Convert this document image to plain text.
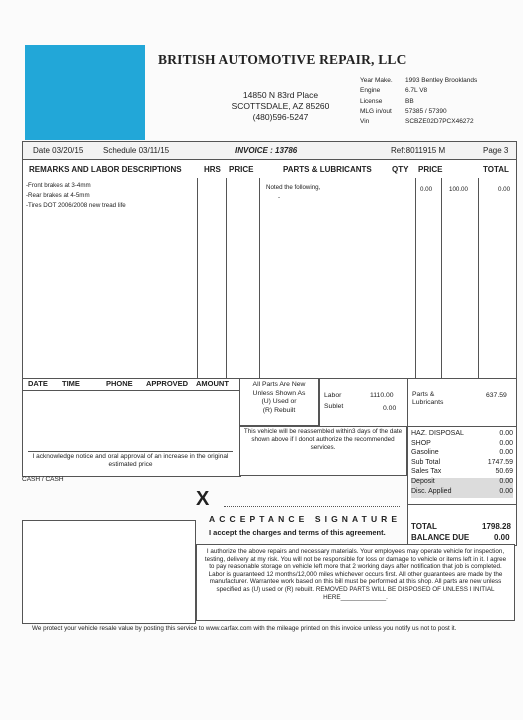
BRITISH AUTOMOTIVE REPAIR, LLC
14850 N 83rd Place
SCOTTSDALE, AZ 85260
(480)596-5247
Year Make.	1993 Bentley Brooklands
Engine	6.7L V8
License	BB
MLG in/out	57385 / 57390
Vin	SCBZE02D7PCX46272
Date 03/20/15 Schedule 03/11/15	INVOICE : 13786	Ref:8011915 M	Page 3
REMARKS AND LABOR DESCRIPTIONS	HRS PRICE	PARTS & LUBRICANTS	QTY PRICE	TOTAL
-Front brakes at 3-4mm
-Rear brakes at 4-5mm
-Tires DOT 2006/2008 new tread life
Noted the following,
-
0.00	100.00	0.00
DATE TIME	PHONE APPROVED AMOUNT
I acknowledge notice and oral approval of an increase in the original estimated price
CASH / CASH
All Parts Are New
Unless Shown As
(U) Used or
(R) Rebuilt
Labor	1110.00
Sublet	0.00
Parts &
Lubricants
637.59
This vehicle will be reassembled within3 days of the date shown above if I donot authorize the recommended services.
HAZ. DISPOSAL	0.00
SHOP	0.00
Gasoline	0.00
Sub Total	1747.59
Sales Tax	50.69
Deposit	0.00
Disc. Applied	0.00
X
ACCEPTANCE SIGNATURE
I accept the charges and terms of this agreement.
TOTAL	1798.28
BALANCE DUE	0.00
I authorize the above repairs and necessary materials. Your employees may operate vehicle for inspection, testing, delivery at my risk. You will not be responsible for loss or damage to vehicle or items left in it. I agree to pay reasonable storage on vehicle left more that 2 working days after notification that job is completed. Labor is guaranteed 12 months/12,000 miles whichever occurs first. All other guarantees are made by the manufacturer. Warrantee work based on this bill must be performed at this shop. All parts are new unless specified as (U) used or (R) rebuilt. REMOVED PARTS WILL BE DISPOSED OF UNLESS I INITIAL HERE_____________.
We protect your vehicle resale value by posting this service to www.carfax.com with the mileage printed on this invoice unless you notify us not to post it.
